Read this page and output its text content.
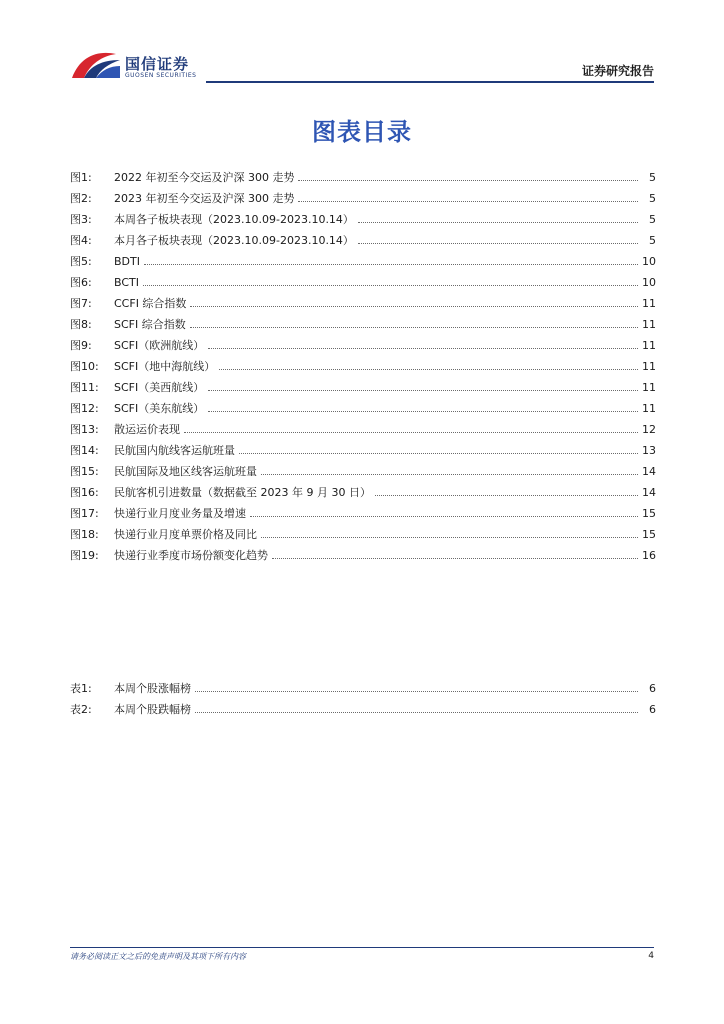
国信证券
GUOSEN SECURITIES	证券研究报告
图表目录
图1:	2022 年初至今交运及沪深 300 走势	5
图2:	2023 年初至今交运及沪深 300 走势	5
图3:	本周各子板块表现（2023.10.09-2023.10.14）	5
图4:	本月各子板块表现（2023.10.09-2023.10.14）	5
图5:	BDTI	10
图6:	BCTI	10
图7:	CCFI 综合指数	11
图8:	SCFI 综合指数	11
图9:	SCFI（欧洲航线）	11
图10:	SCFI（地中海航线）	11
图11:	SCFI（美西航线）	11
图12:	SCFI（美东航线）	11
图13:	散运运价表现	12
图14:	民航国内航线客运航班量	13
图15:	民航国际及地区线客运航班量	14
图16:	民航客机引进数量（数据截至 2023 年 9 月 30 日）	14
图17:	快递行业月度业务量及增速	15
图18:	快递行业月度单票价格及同比	15
图19:	快递行业季度市场份额变化趋势	16
表1:	本周个股涨幅榜	6
表2:	本周个股跌幅榜	6
请务必阅读正文之后的免责声明及其项下所有内容	4
